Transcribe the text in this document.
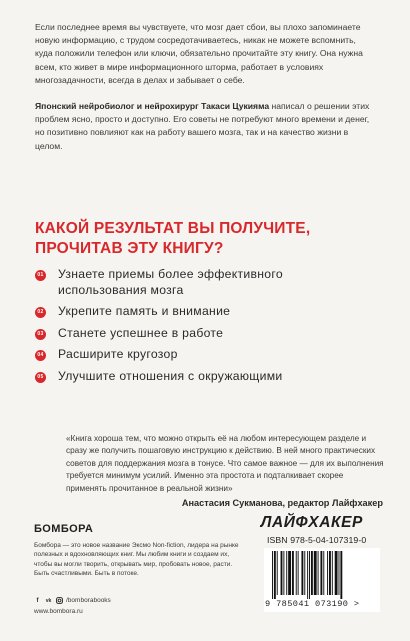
Если последнее время вы чувствуете, что мозг дает сбои, вы плохо запоминаете новую информацию, с трудом сосредотачиваетесь, никак не можете вспомнить, куда положили телефон или ключи, обязательно прочитайте эту книгу. Она нужна всем, кто живет в мире информационного шторма, работает в условиях многозадачности, всегда в делах и забывает о себе.

Японский нейробиолог и нейрохирург Такаси Цукияма написал о решении этих проблем ясно, просто и доступно. Его советы не потребуют много времени и денег, но позитивно повлияют как на работу вашего мозга, так и на качество жизни в целом.

КАКОЙ РЕЗУЛЬТАТ ВЫ ПОЛУЧИТЕ, ПРОЧИТАВ ЭТУ КНИГУ?
01 Узнаете приемы более эффективного использования мозга
02 Укрепите память и внимание
03 Станете успешнее в работе
04 Расширите кругозор
05 Улучшите отношения с окружающими
«Книга хороша тем, что можно открыть её на любом интересующем разделе и сразу же получить пошаговую инструкцию к действию. В ней много практических советов для поддержания мозга в тонусе. Что самое важное — для их выполнения требуется минимум усилий. Именно эта простота и подталкивает скорее применять прочитанное в реальной жизни»
Анастасия Сукманова, редактор Лайфхакер
ЛАЙФХАКЕР
БОМБОРА
Бомбора — это новое название Эксмо Non-fiction, лидера на рынке полезных и вдохновляющих книг. Мы любим книги и создаем их, чтобы вы могли творить, открывать мир, пробовать новое, расти. Быть счастливыми. Быть в потоке.
f	vk /bomborabooks
www.bombora.ru
ISBN 978-5-04-107319-0
9 785041 073190 >
